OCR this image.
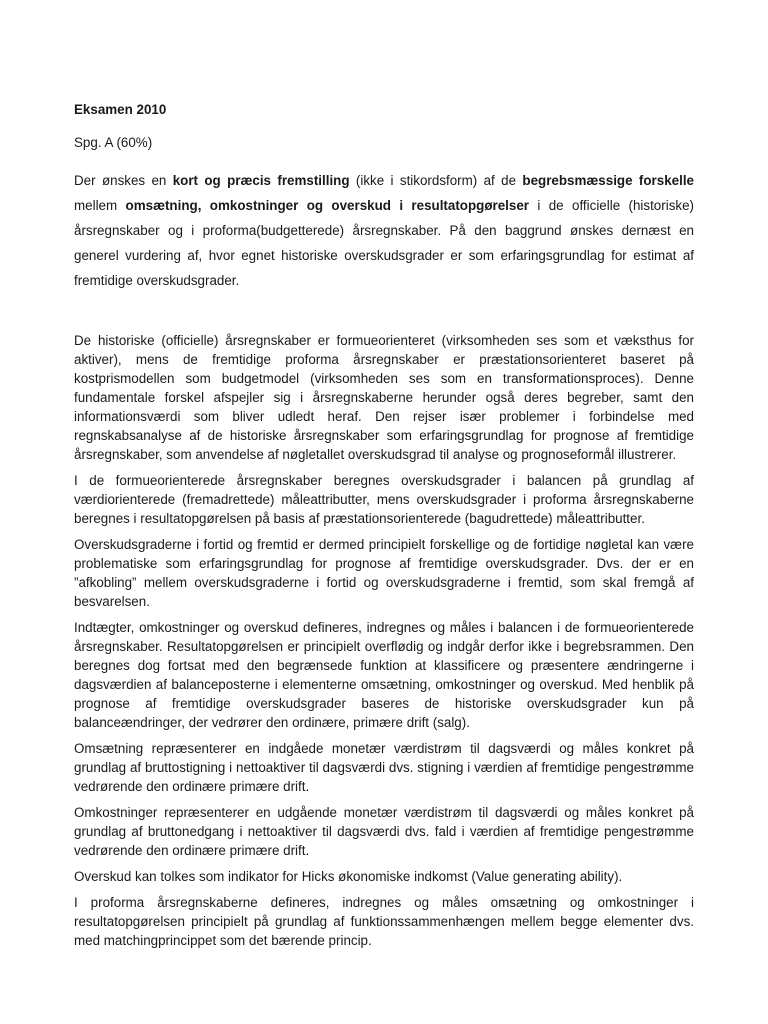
Eksamen 2010
Spg. A (60%)

Der ønskes en kort og præcis fremstilling (ikke i stikordsform) af de begrebsmæssige forskelle mellem omsætning, omkostninger og overskud i resultatopgørelser i de officielle (historiske) årsregnskaber og i proforma(budgetterede) årsregnskaber. På den baggrund ønskes dernæst en generel vurdering af, hvor egnet historiske overskudsgrader er som erfaringsgrundlag for estimat af fremtidige overskudsgrader.

De historiske (officielle) årsregnskaber er formueorienteret (virksomheden ses som et væksthus for aktiver), mens de fremtidige proforma årsregnskaber er præstationsorienteret baseret på kostprismodellen som budgetmodel (virksomheden ses som en transformationsproces). Denne fundamentale forskel afspejler sig i årsregnskaberne herunder også deres begreber, samt den informationsværdi som bliver udledt heraf. Den rejser især problemer i forbindelse med regnskabsanalyse af de historiske årsregnskaber som erfaringsgrundlag for prognose af fremtidige årsregnskaber, som anvendelse af nøgletallet overskudsgrad til analyse og prognoseformål illustrerer.

I de formueorienterede årsregnskaber beregnes overskudsgrader i balancen på grundlag af værdiorienterede (fremadrettede) måleattributter, mens overskudsgrader i proforma årsregnskaberne beregnes i resultatopgørelsen på basis af præstationsorienterede (bagudrettede) måleattributter.

Overskudsgraderne i fortid og fremtid er dermed principielt forskellige og de fortidige nøgletal kan være problematiske som erfaringsgrundlag for prognose af fremtidige overskudsgrader. Dvs. der er en ”afkobling” mellem overskudsgraderne i fortid og overskudsgraderne i fremtid, som skal fremgå af besvarelsen.

Indtægter, omkostninger og overskud defineres, indregnes og måles i balancen i de formueorienterede årsregnskaber. Resultatopgørelsen er principielt overflødig og indgår derfor ikke i begrebsrammen. Den beregnes dog fortsat med den begrænsede funktion at klassificere og præsentere ændringerne i dagsværdien af balanceposterne i elementerne omsætning, omkostninger og overskud. Med henblik på prognose af fremtidige overskudsgrader baseres de historiske overskudsgrader kun på balanceændringer, der vedrører den ordinære, primære drift (salg).

Omsætning repræsenterer en indgåede monetær værdistrøm til dagsværdi og måles konkret på grundlag af bruttostigning i nettoaktiver til dagsværdi dvs. stigning i værdien af fremtidige pengestrømme vedrørende den ordinære primære drift.

Omkostninger repræsenterer en udgående monetær værdistrøm til dagsværdi og måles konkret på grundlag af bruttonedgang i nettoaktiver til dagsværdi dvs. fald i værdien af fremtidige pengestrømme vedrørende den ordinære primære drift.

Overskud kan tolkes som indikator for Hicks økonomiske indkomst (Value generating ability).

I proforma årsregnskaberne defineres, indregnes og måles omsætning og omkostninger i resultatopgørelsen principielt på grundlag af funktionssammenhængen mellem begge elementer dvs. med matchingprincippet som det bærende princip.
